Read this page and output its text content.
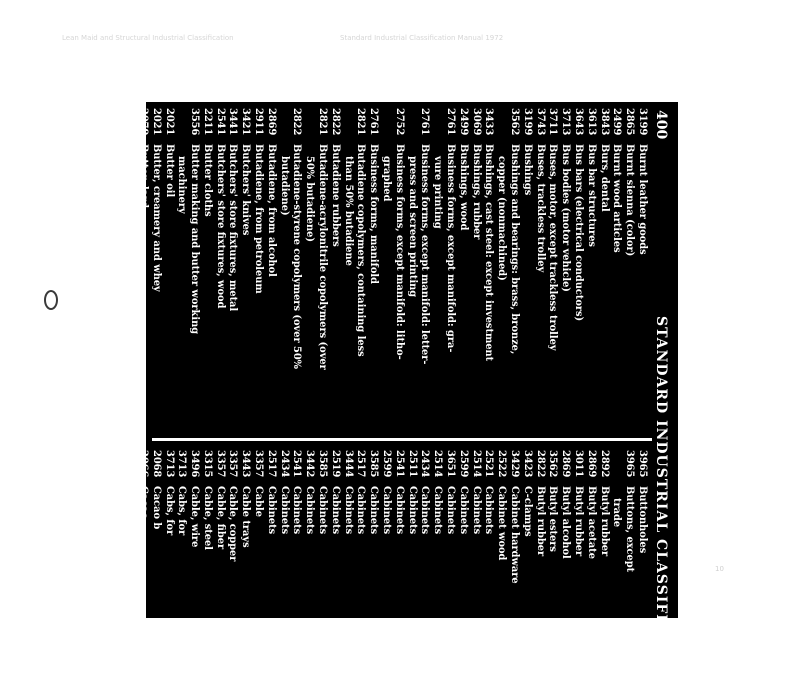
Lean Maid and Structural Industrial Classification	Standard Industrial Classification Manual 1972
10
400
STANDARD INDUSTRIAL CLASSIFICATION
3199
Burnt leather goods
2865
Burnt sienna (color)
2499
Burnt wood articles
3843
Burs, dental
3613
Bus bar structures
3643
Bus bars (electrical conductors)
3713
Bus bodies (motor vehicle)
3711
Buses, motor, except trackless trolley
3743
Buses, trackless trolley
3199
Bushings
3562
Bushings and bearings: brass, bronze,
copper (nonmachined)
3433
Bushings, cast steel: except investment
3069
Bushings, rubber
2499
Bushings, wood
2761
Business forms, except manifold: gra-
vure printing
2761
Business forms, except manifold: letter-
press and screen printing
2752
Business forms, except manifold: litho-
graphed
2761
Business forms, manifold
2821
Butadiene copolymers, containing less
than 50% butadiene
2822
Butadiene rubbers
2821
Butadiene-acrylonitrile copolymers (over
50% butadiene)
2822
Butadiene-styrene copolymers (over 50%
butadiene)
2869
Butadiene, from alcohol
2911
Butadiene, from petroleum
3421
Butchers' knives
3441
Butchers' store fixtures, metal
2541
Butchers' store fixtures, wood
2211
Butter cloths
3556
Butter making and butter working
machinery
2021
Butter oil
2021
Butter, creamery and whey
2079
Butter, lard
2021
Butter, renovated and processed
2048
Buttermilk emulsion for animal food
2026
Buttermilk, cultured
2023
Buttermilk, concentrated, condensed,
dried, evaporated, and powdered
2033
Butters, fruit
3965
Button backs and parts
3965
Button blanks and molds
3965
Button coloring for the trade
3636
Button sewing machines
3965
Buttonholes
3965
Buttons, except
trade
2892
Butyl rubber
2869
Butyl acetate
3011
Butyl rubber
2869
Butyl alcohol
3562
Butyl esters
2822
Butyl rubber
3423
C-clamps
3429
Cabinet hardware
2522
Cabinet wood
2521
Cabinets
2514
Cabinets
2599
Cabinets
3651
Cabinets
2514
Cabinets
2434
Cabinets
2511
Cabinets
2541
Cabinets
2599
Cabinets
3585
Cabinets
2517
Cabinets
3444
Cabinets
2519
Cabinets
3585
Cabinets
3442
Cabinets
2541
Cabinets
2434
Cabinets
2517
Cabinets
3357
Cable
3443
Cable trays
3357
Cable, copper
3357
Cable, fiber
3315
Cable, steel
3496
Cable, wire
3713
Cabs, for
3713
Cabs, for
2068
Cacao b
2066
Cacao
3799
Caddy
